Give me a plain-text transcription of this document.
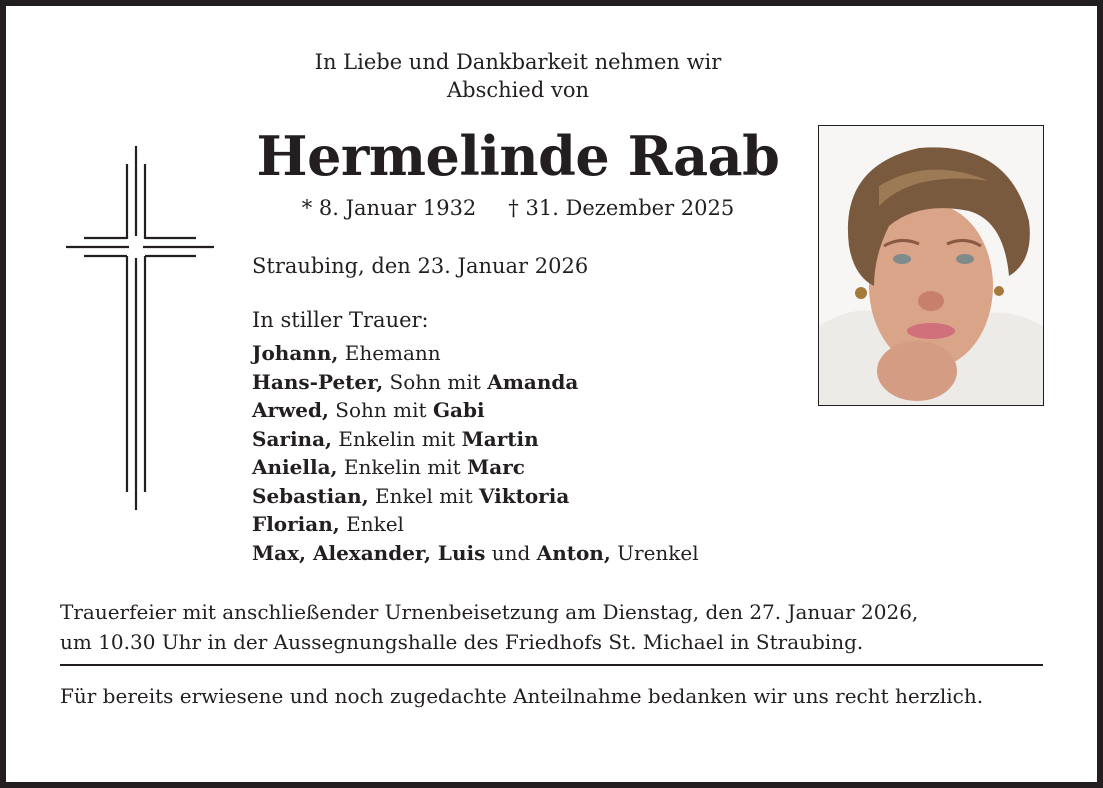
In Liebe und Dankbarkeit nehmen wir
Abschied von
Hermelinde Raab
* 8. Januar 1932 † 31. Dezember 2025
Straubing, den 23. Januar 2026
In stiller Trauer:
Johann, Ehemann
Hans-Peter, Sohn mit Amanda
Arwed, Sohn mit Gabi
Sarina, Enkelin mit Martin
Aniella, Enkelin mit Marc
Sebastian, Enkel mit Viktoria
Florian, Enkel
Max, Alexander, Luis und Anton, Urenkel
Trauerfeier mit anschließender Urnenbeisetzung am Dienstag, den 27. Januar 2026,
um 10.30 Uhr in der Aussegnungshalle des Friedhofs St. Michael in Straubing.
Für bereits erwiesene und noch zugedachte Anteilnahme bedanken wir uns recht herzlich.
